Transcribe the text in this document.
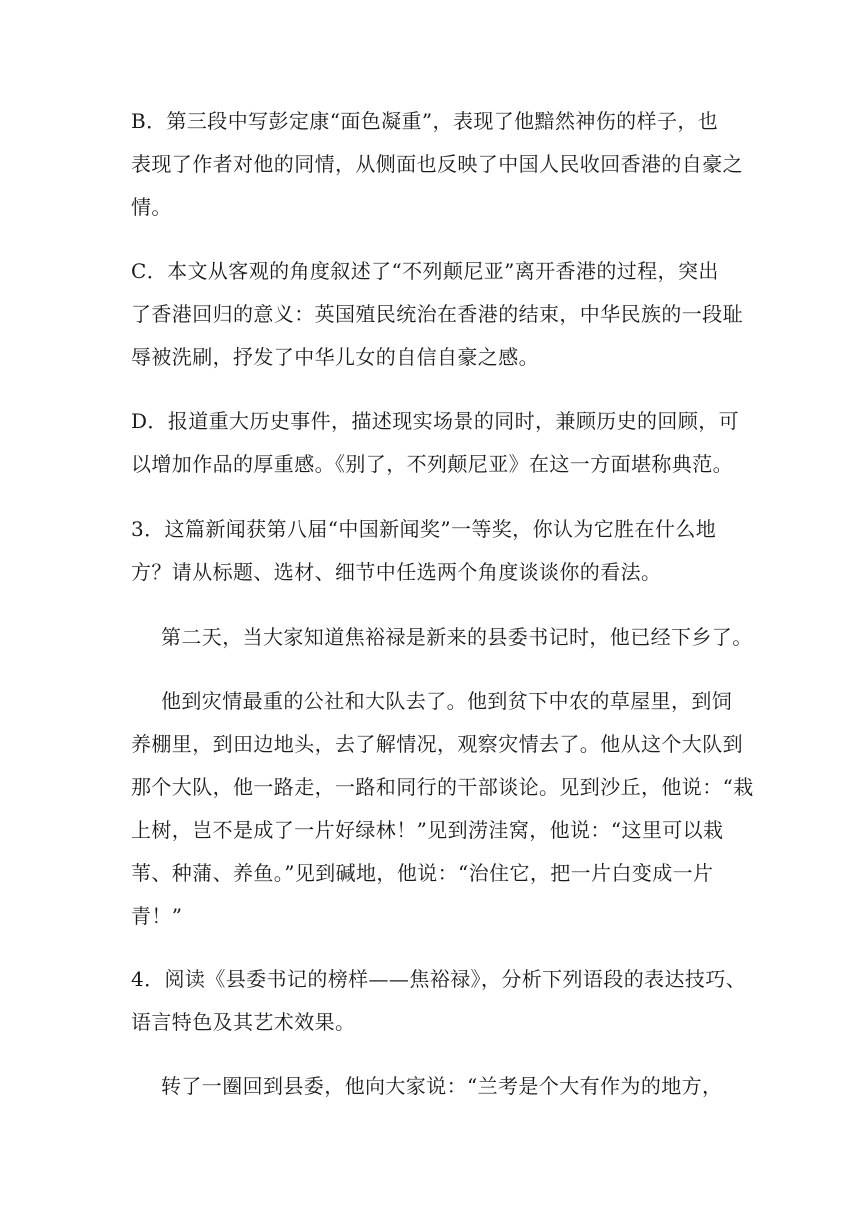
B．第三段中写彭定康“面色凝重”，表现了他黯然神伤的样子，也
表现了作者对他的同情，从侧面也反映了中国人民收回香港的自豪之
情。
C．本文从客观的角度叙述了“不列颠尼亚”离开香港的过程，突出
了香港回归的意义：英国殖民统治在香港的结束，中华民族的一段耻
辱被洗刷，抒发了中华儿女的自信自豪之感。
D．报道重大历史事件，描述现实场景的同时，兼顾历史的回顾，可
以增加作品的厚重感。《别了，不列颠尼亚》在这一方面堪称典范。
3．这篇新闻获第八届“中国新闻奖”一等奖，你认为它胜在什么地
方？请从标题、选材、细节中任选两个角度谈谈你的看法。
第二天，当大家知道焦裕禄是新来的县委书记时，他已经下乡了。
他到灾情最重的公社和大队去了。他到贫下中农的草屋里，到饲
养棚里，到田边地头，去了解情况，观察灾情去了。他从这个大队到
那个大队，他一路走，一路和同行的干部谈论。见到沙丘，他说：“栽
上树，岂不是成了一片好绿林！”见到涝洼窝，他说：“这里可以栽
苇、种蒲、养鱼。”见到碱地，他说：“治住它，把一片白变成一片
青！”
4．阅读《县委书记的榜样——焦裕禄》，分析下列语段的表达技巧、
语言特色及其艺术效果。
转了一圈回到县委，他向大家说：“兰考是个大有作为的地方，
